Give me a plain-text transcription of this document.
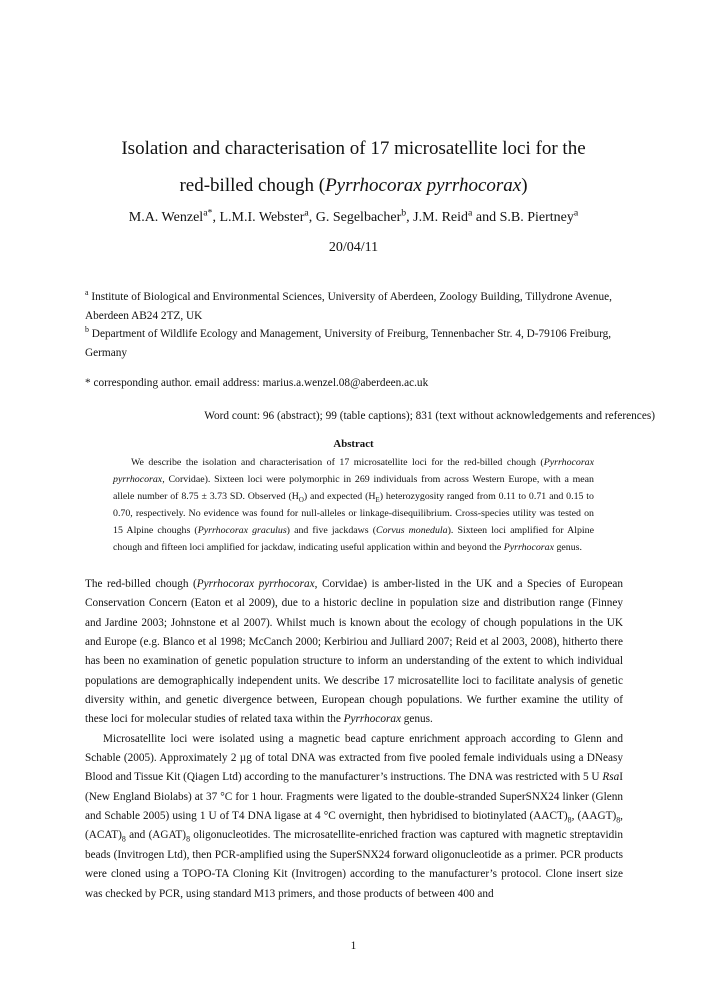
Isolation and characterisation of 17 microsatellite loci for the
red-billed chough (Pyrrhocorax pyrrhocorax)
M.A. Wenzel$^{a*}$, L.M.I. Webster$^a$, G. Segelbacher$^b$, J.M. Reid$^a$ and S.B. Piertney$^a$
20/04/11
$^a$ Institute of Biological and Environmental Sciences, University of Aberdeen, Zoology Building, Tillydrone Avenue, Aberdeen AB24 2TZ, UK
$^b$ Department of Wildlife Ecology and Management, University of Freiburg, Tennenbacher Str. 4, D-79106 Freiburg, Germany
* corresponding author. email address: marius.a.wenzel.08@aberdeen.ac.uk
Word count: 96 (abstract); 99 (table captions); 831 (text without acknowledgements and references)
Abstract
We describe the isolation and characterisation of 17 microsatellite loci for the red-billed chough (Pyrrhocorax pyrrhocorax, Corvidae). Sixteen loci were polymorphic in 269 individuals from across Western Europe, with a mean allele number of 8.75 ± 3.73 SD. Observed $(H_O)$ and expected $(H_E)$ heterozygosity ranged from 0.11 to 0.71 and 0.15 to 0.70, respectively. No evidence was found for null-alleles or linkage-disequilibrium. Cross-species utility was tested on 15 Alpine choughs (Pyrrhocorax graculus) and five jackdaws (Corvus monedula). Sixteen loci amplified for Alpine chough and fifteen loci amplified for jackdaw, indicating useful application within and beyond the Pyrrhocorax genus.

The red-billed chough (Pyrrhocorax pyrrhocorax, Corvidae) is amber-listed in the UK and a Species of European Conservation Concern (Eaton et al 2009), due to a historic decline in population size and distribution range (Finney and Jardine 2003; Johnstone et al 2007). Whilst much is known about the ecology of chough populations in the UK and Europe (e.g. Blanco et al 1998; McCanch 2000; Kerbiriou and Julliard 2007; Reid et al 2003, 2008), hitherto there has been no examination of genetic population structure to inform an understanding of the extent to which individual populations are demographically independent units. We describe 17 microsatellite loci to facilitate analysis of genetic diversity within, and genetic divergence between, European chough populations. We further examine the utility of these loci for molecular studies of related taxa within the Pyrrhocorax genus.

Microsatellite loci were isolated using a magnetic bead capture enrichment approach according to Glenn and Schable (2005). Approximately 2 µg of total DNA was extracted from five pooled female individuals using a DNeasy Blood and Tissue Kit (Qiagen Ltd) according to the manufacturer’s instructions. The DNA was restricted with 5 U RsaI (New England Biolabs) at 37 °C for 1 hour. Fragments were ligated to the double-stranded SuperSNX24 linker (Glenn and Schable 2005) using 1 U of T4 DNA ligase at 4 °C overnight, then hybridised to biotinylated $(AACT)_8$, $(AAGT)_8$, $(ACAT)_8$ and $(AGAT)_8$ oligonucleotides. The microsatellite-enriched fraction was captured with magnetic streptavidin beads (Invitrogen Ltd), then PCR-amplified using the SuperSNX24 forward oligonucleotide as a primer. PCR products were cloned using a TOPO-TA Cloning Kit (Invitrogen) according to the manufacturer’s protocol. Clone insert size was checked by PCR, using standard M13 primers, and those products of between 400 and

1
